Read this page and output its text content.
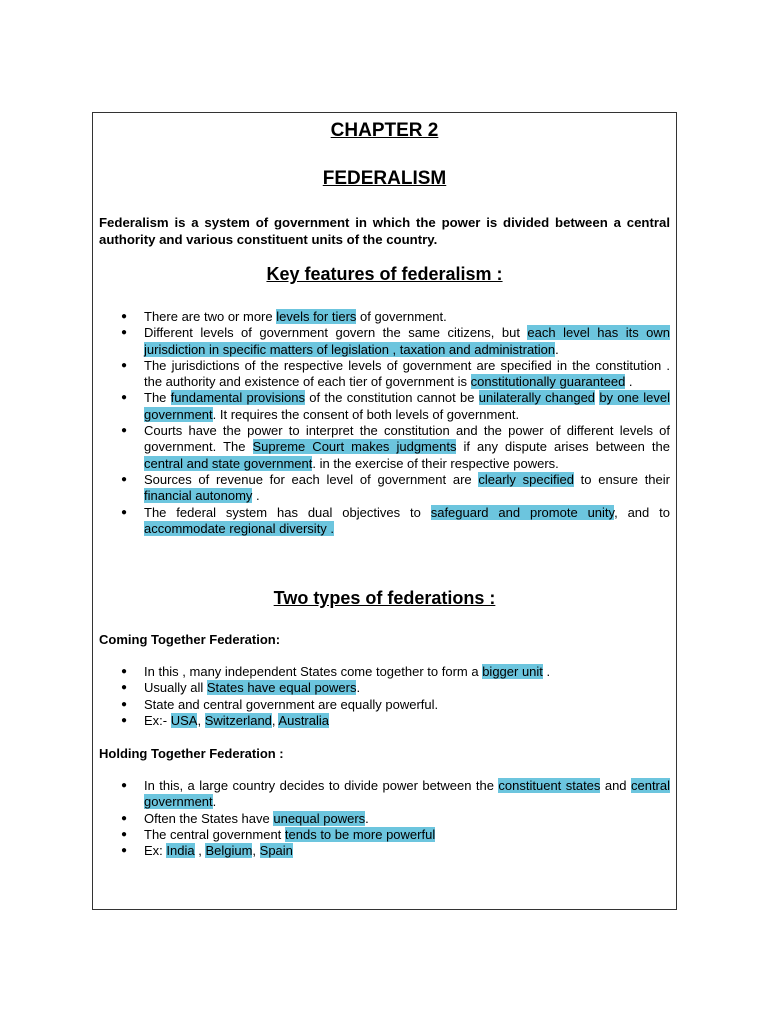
CHAPTER 2
FEDERALISM
Federalism is a system of government in which the power is divided between a central authority and various constituent units of the country.
Key features of federalism :
● There are two or more levels for tiers of government.
● Different levels of government govern the same citizens, but each level has its own jurisdiction in specific matters of legislation , taxation and administration.
● The jurisdictions of the respective levels of government are specified in the constitution . the authority and existence of each tier of government is constitutionally guaranteed .
● The fundamental provisions of the constitution cannot be unilaterally changed by one level government. It requires the consent of both levels of government.
● Courts have the power to interpret the constitution and the power of different levels of government. The Supreme Court makes judgments if any dispute arises between the central and state government. in the exercise of their respective powers.
● Sources of revenue for each level of government are clearly specified to ensure their financial autonomy .
● The federal system has dual objectives to safeguard and promote unity, and to accommodate regional diversity .
Two types of federations :
Coming Together Federation:
● In this , many independent States come together to form a bigger unit .
● Usually all States have equal powers.
● State and central government are equally powerful.
● Ex:- USA, Switzerland, Australia
Holding Together Federation :
● In this, a large country decides to divide power between the constituent states and central government.
● Often the States have unequal powers.
● The central government tends to be more powerful
● Ex: India , Belgium, Spain
